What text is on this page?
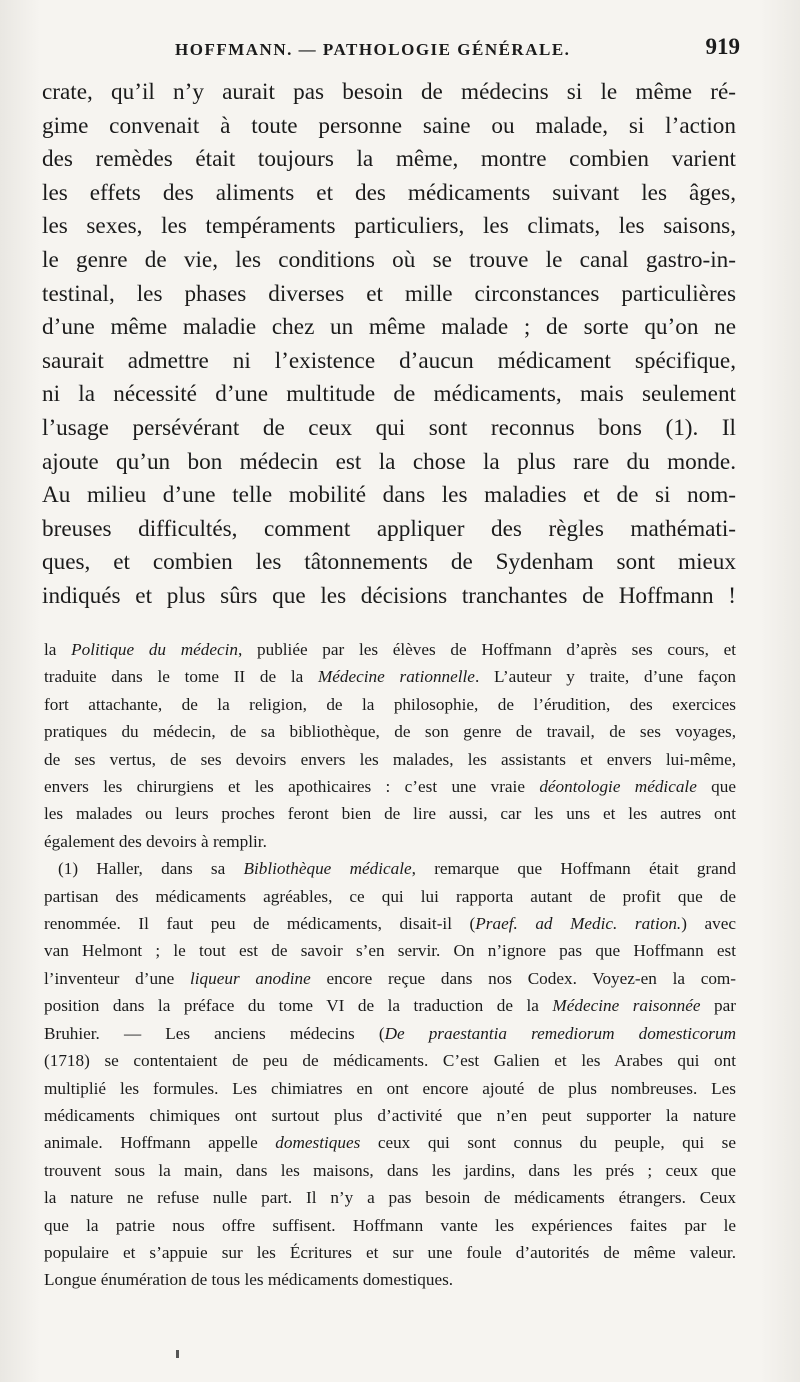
HOFFMANN. — PATHOLOGIE GÉNÉRALE.	919
crate, qu’il n’y aurait pas besoin de médecins si le même ré-
gime convenait à toute personne saine ou malade, si l’action
des remèdes était toujours la même, montre combien varient
les effets des aliments et des médicaments suivant les âges,
les sexes, les tempéraments particuliers, les climats, les saisons,
le genre de vie, les conditions où se trouve le canal gastro-in-
testinal, les phases diverses et mille circonstances particulières
d’une même maladie chez un même malade ; de sorte qu’on ne
saurait admettre ni l’existence d’aucun médicament spécifique,
ni la nécessité d’une multitude de médicaments, mais seulement
l’usage persévérant de ceux qui sont reconnus bons (1). Il
ajoute qu’un bon médecin est la chose la plus rare du monde.
Au milieu d’une telle mobilité dans les maladies et de si nom-
breuses difficultés, comment appliquer des règles mathémati-
ques, et combien les tâtonnements de Sydenham sont mieux
indiqués et plus sûrs que les décisions tranchantes de Hoffmann !
la Politique du médecin, publiée par les élèves de Hoffmann d’après ses cours, et
traduite dans le tome II de la Médecine rationnelle. L’auteur y traite, d’une façon
fort attachante, de la religion, de la philosophie, de l’érudition, des exercices
pratiques du médecin, de sa bibliothèque, de son genre de travail, de ses voyages,
de ses vertus, de ses devoirs envers les malades, les assistants et envers lui-même,
envers les chirurgiens et les apothicaires : c’est une vraie déontologie médicale que
les malades ou leurs proches feront bien de lire aussi, car les uns et les autres ont
également des devoirs à remplir.
(1) Haller, dans sa Bibliothèque médicale, remarque que Hoffmann était grand
partisan des médicaments agréables, ce qui lui rapporta autant de profit que de
renommée. Il faut peu de médicaments, disait-il (Praef. ad Medic. ration.) avec
van Helmont ; le tout est de savoir s’en servir. On n’ignore pas que Hoffmann est
l’inventeur d’une liqueur anodine encore reçue dans nos Codex. Voyez-en la com-
position dans la préface du tome VI de la traduction de la Médecine raisonnée par
Bruhier. — Les anciens médecins (De praestantia remediorum domesticorum
(1718) se contentaient de peu de médicaments. C’est Galien et les Arabes qui ont
multiplié les formules. Les chimiatres en ont encore ajouté de plus nombreuses. Les
médicaments chimiques ont surtout plus d’activité que n’en peut supporter la nature
animale. Hoffmann appelle domestiques ceux qui sont connus du peuple, qui se
trouvent sous la main, dans les maisons, dans les jardins, dans les prés ; ceux que
la nature ne refuse nulle part. Il n’y a pas besoin de médicaments étrangers. Ceux
que la patrie nous offre suffisent. Hoffmann vante les expériences faites par le
populaire et s’appuie sur les Écritures et sur une foule d’autorités de même valeur.
Longue énumération de tous les médicaments domestiques.
